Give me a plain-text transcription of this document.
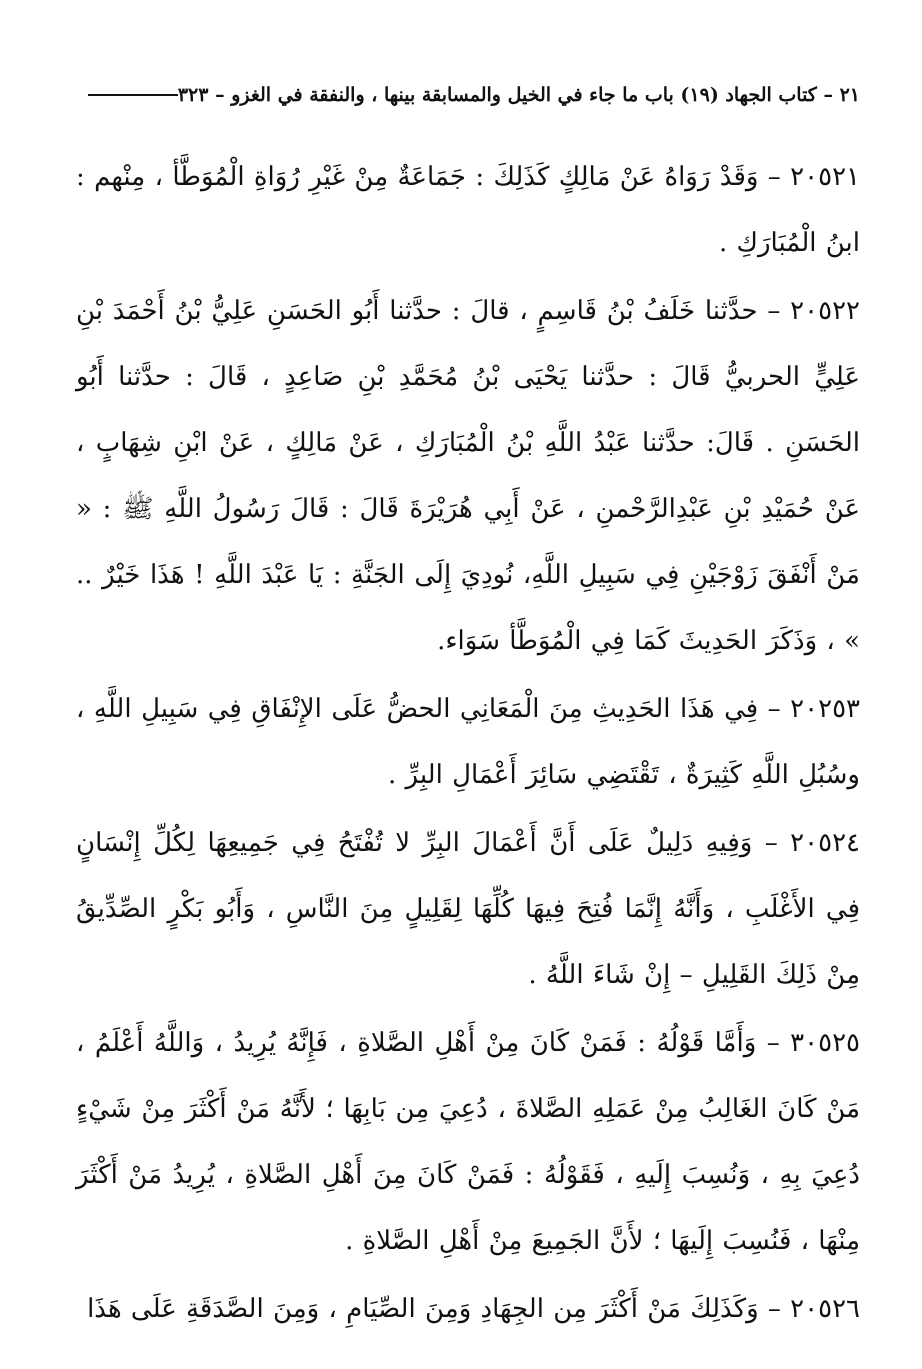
٢١ – كتاب الجهاد (١٩) باب ما جاء في الخيل والمسابقة بينها ، والنفقة في الغزو – ٣٢٣

٢٠٥٢١ – وَقَدْ رَوَاهُ عَنْ مَالِكٍ كَذَلِكَ : جَمَاعَةٌ مِنْ غَيْرِ رُوَاةِ الْمُوَطَّأ ، مِنْهم : ابنُ الْمُبَارَكِ .

٢٠٥٢٢ – حدَّثنا خَلَفُ بْنُ قَاسِمٍ ، قالَ : حدَّثنا أَبُو الحَسَنِ عَلِيُّ بْنُ أَحْمَدَ بْنِ عَلِيٍّ الحربيُّ قَالَ : حدَّثنا يَحْيَى بْنُ مُحَمَّدِ بْنِ صَاعِدٍ ، قَالَ : حدَّثنا أَبُو الحَسَنِ . قَالَ: حدَّثنا عَبْدُ اللَّهِ بْنُ الْمُبَارَكِ ، عَنْ مَالِكٍ ، عَنْ ابْنِ شِهَابٍ ، عَنْ حُمَيْدِ بْنِ عَبْدِالرَّحْمنِ ، عَنْ أَبِي هُرَيْرَةَ قَالَ : قَالَ رَسُولُ اللَّهِ ﷺ : « مَنْ أَنْفَقَ زَوْجَيْنِ فِي سَبِيلِ اللَّهِ، نُودِيَ إِلَى الجَنَّةِ : يَا عَبْدَ اللَّهِ ! هَذَا خَيْرٌ .. » ، وَذَكَرَ الحَدِيثَ كَمَا فِي الْمُوَطَّأ سَوَاء.

٢٠٢٥٣ – فِي هَذَا الحَدِيثِ مِنَ الْمَعَانِي الحضُّ عَلَى الإِنْفَاقِ فِي سَبِيلِ اللَّهِ ، وسُبُلِ اللَّهِ كَثِيرَةٌ ، تَقْتَضِي سَائِرَ أَعْمَالِ البِرِّ .

٢٠٥٢٤ – وَفِيهِ دَلِيلٌ عَلَى أَنَّ أَعْمَالَ البِرِّ لا تُفْتَحُ فِي جَمِيعِهَا لِكُلِّ إِنْسَانٍ فِي الأَغْلَبِ ، وَأَنَّهُ إِنَّمَا فُتِحَ فِيهَا كُلِّهَا لِقَلِيلٍ مِنَ النَّاسِ ، وَأَبُو بَكْرٍ الصِّدِّيقُ مِنْ ذَلِكَ القَلِيلِ – إِنْ شَاءَ اللَّهُ .

٣٠٥٢٥ – وَأَمَّا قَوْلُهُ : فَمَنْ كَانَ مِنْ أَهْلِ الصَّلاةِ ، فَإِنَّهُ يُرِيدُ ، وَاللَّهُ أَعْلَمُ ، مَنْ كَانَ الغَالِبُ مِنْ عَمَلِهِ الصَّلاةَ ، دُعِيَ مِن بَابِهَا ؛ لأَنَّهُ مَنْ أَكْثَرَ مِنْ شَيْءٍ دُعِيَ بِهِ ، وَنُسِبَ إِلَيهِ ، فَقَوْلُهُ : فَمَنْ كَانَ مِنَ أَهْلِ الصَّلاةِ ، يُرِيدُ مَنْ أَكْثَرَ مِنْهَا ، فَنُسِبَ إِلَيهَا ؛ لأَنَّ الجَمِيعَ مِنْ أَهْلِ الصَّلاةِ .

٢٠٥٢٦ – وَكَذَلِكَ مَنْ أَكْثَرَ مِن الجِهَادِ وَمِنَ الصِّيَامِ ، وَمِنَ الصَّدَقَةِ عَلَى هَذَا
